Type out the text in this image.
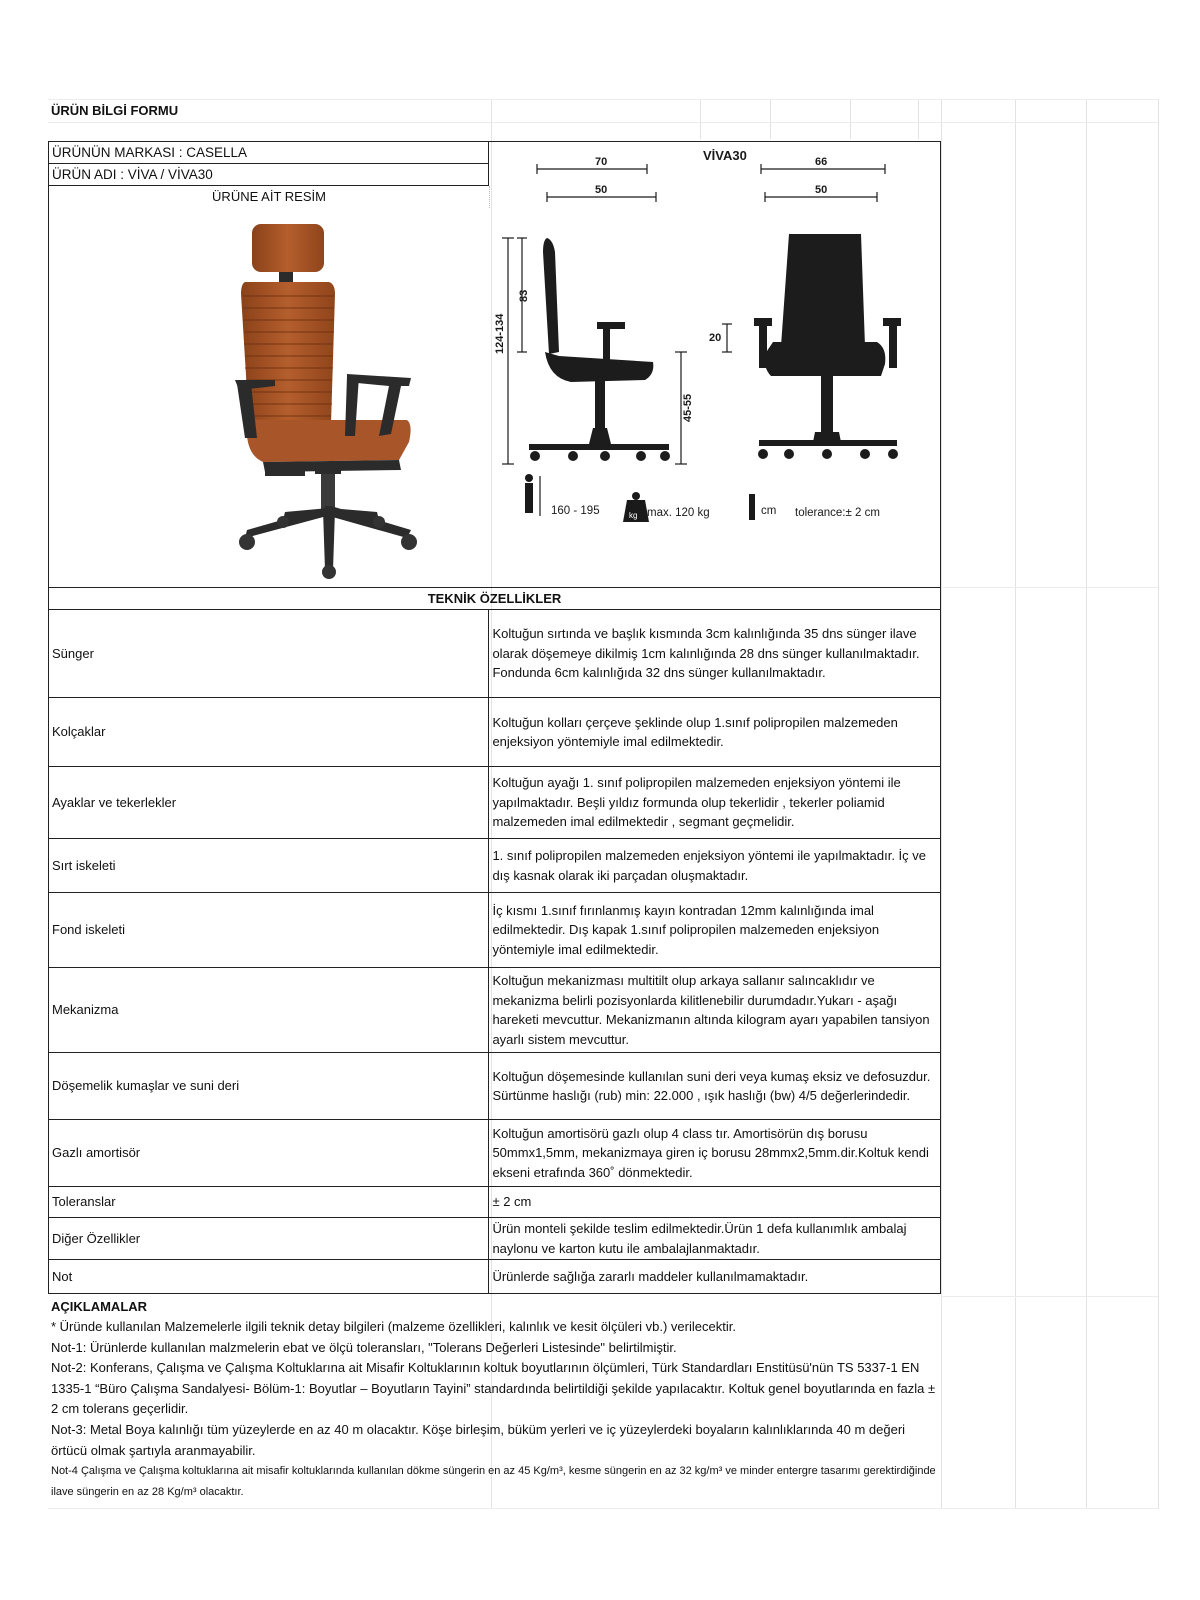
ÜRÜN BİLGİ FORMU
ÜRÜNÜN MARKASI : CASELLA
ÜRÜN ADI : VİVA / VİVA30
ÜRÜNE AİT RESİM
70
50
66
50
20
124-134
83
45-55
VİVA30
160 - 195	kg max. 120 kg	cm tolerance:± 2 cm
TEKNİK ÖZELLİKLER	
Sünger	Koltuğun sırtında ve başlık kısmında 3cm kalınlığında 35 dns sünger ilave olarak döşemeye dikilmiş 1cm kalınlığında 28 dns sünger kullanılmaktadır. Fondunda 6cm kalınlığıda 32 dns sünger kullanılmaktadır.
Kolçaklar	Koltuğun kolları çerçeve şeklinde olup 1.sınıf polipropilen malzemeden enjeksiyon yöntemiyle imal edilmektedir.
Ayaklar ve tekerlekler	Koltuğun ayağı 1. sınıf polipropilen malzemeden enjeksiyon yöntemi ile yapılmaktadır. Beşli yıldız formunda olup tekerlidir , tekerler poliamid malzemeden imal edilmektedir , segmant geçmelidir.
Sırt iskeleti	1. sınıf polipropilen malzemeden enjeksiyon yöntemi ile yapılmaktadır. İç ve dış kasnak olarak iki parçadan oluşmaktadır.
Fond iskeleti	İç kısmı 1.sınıf fırınlanmış kayın kontradan 12mm kalınlığında imal edilmektedir. Dış kapak 1.sınıf polipropilen malzemeden enjeksiyon yöntemiyle imal edilmektedir.
Mekanizma	Koltuğun mekanizması multitilt olup arkaya sallanır salıncaklıdır ve mekanizma belirli pozisyonlarda kilitlenebilir durumdadır.Yukarı - aşağı hareketi mevcuttur. Mekanizmanın altında kilogram ayarı yapabilen tansiyon ayarlı sistem mevcuttur.
Döşemelik kumaşlar ve suni deri	Koltuğun döşemesinde kullanılan suni deri veya kumaş eksiz ve defosuzdur. Sürtünme haslığı (rub) min: 22.000 , ışık haslığı (bw) 4/5 değerlerindedir.
Gazlı amortisör	Koltuğun amortisörü gazlı olup 4 class tır. Amortisörün dış borusu 50mmx1,5mm, mekanizmaya giren iç borusu 28mmx2,5mm.dir.Koltuk kendi ekseni etrafında 360˚ dönmektedir.
Toleranslar	± 2 cm
Diğer Özellikler	Ürün monteli şekilde teslim edilmektedir.Ürün 1 defa kullanımlık ambalaj naylonu ve karton kutu ile ambalajlanmaktadır.
Not	Ürünlerde sağlığa zararlı maddeler kullanılmamaktadır.
AÇIKLAMALAR
* Üründe kullanılan Malzemelerle ilgili teknik detay bilgileri (malzeme özellikleri, kalınlık ve kesit ölçüleri vb.) verilecektir.
Not-1: Ürünlerde kullanılan malzmelerin ebat ve ölçü toleransları, "Tolerans Değerleri Listesinde" belirtilmiştir.
Not-2: Konferans, Çalışma ve Çalışma Koltuklarına ait Misafir Koltuklarının koltuk boyutlarının ölçümleri, Türk Standardları Enstitüsü'nün TS 5337-1 EN 1335-1 “Büro Çalışma Sandalyesi- Bölüm-1: Boyutlar – Boyutların Tayini” standardında belirtildiği şekilde yapılacaktır. Koltuk genel boyutlarında en fazla ± 2 cm tolerans geçerlidir.
Not-3: Metal Boya kalınlığı tüm yüzeylerde en az 40 m olacaktır. Köşe birleşim, büküm yerleri ve iç yüzeylerdeki boyaların kalınlıklarında 40 m değeri örtücü olmak şartıyla aranmayabilir.
Not-4 Çalışma ve Çalışma koltuklarına ait misafir koltuklarında kullanılan dökme süngerin en az 45 Kg/m³, kesme süngerin en az 32 kg/m³ ve minder entergre tasarımı gerektirdiğinde ilave süngerin en az 28 Kg/m³ olacaktır.
